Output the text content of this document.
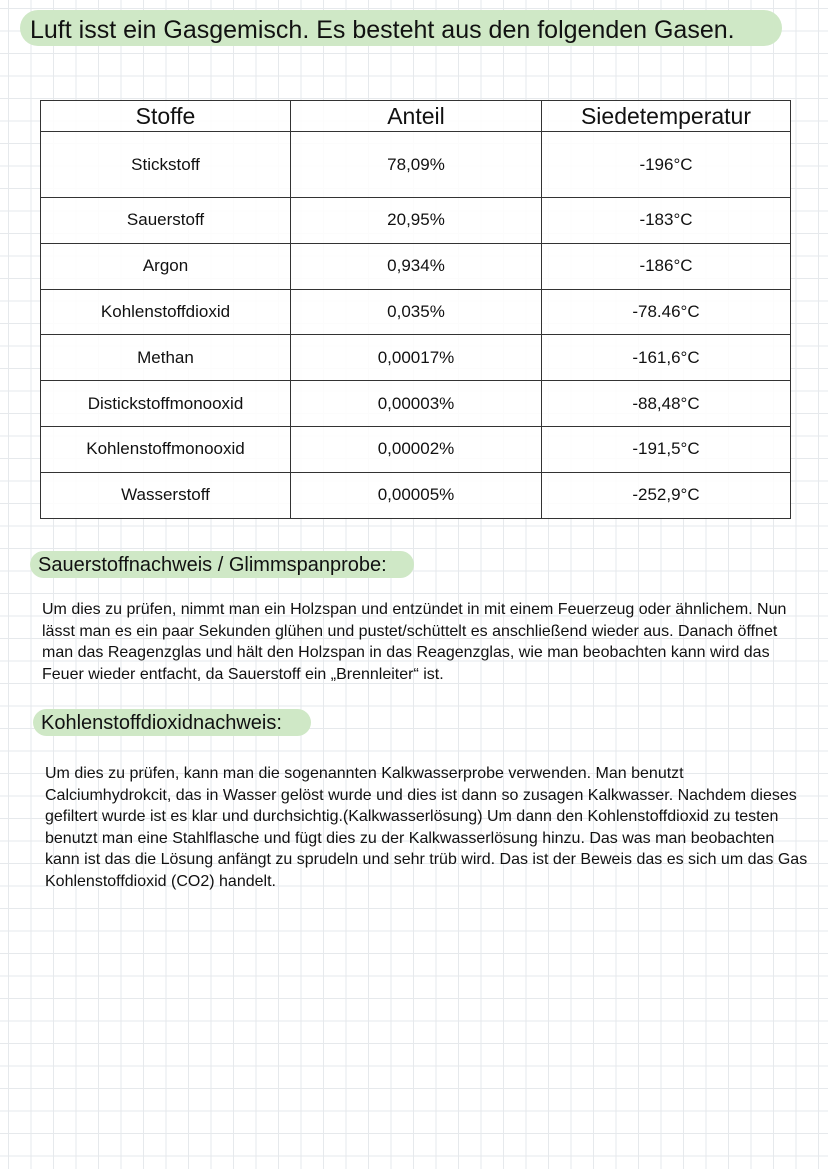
Luft isst ein Gasgemisch. Es besteht aus den folgenden Gasen.
Stoffe	Anteil	Siedetemperatur
Stickstoff	78,09%	-196°C
Sauerstoff	20,95%	-183°C
Argon	0,934%	-186°C
Kohlenstoffdioxid	0,035%	-78.46°C
Methan	0,00017%	-161,6°C
Distickstoffmonooxid	0,00003%	-88,48°C
Kohlenstoffmonooxid	0,00002%	-191,5°C
Wasserstoff	0,00005%	-252,9°C
Sauerstoffnachweis / Glimmspanprobe:

Um dies zu prüfen, nimmt man ein Holzspan und entzündet in mit einem Feuerzeug oder ähnlichem. Nun lässt man es ein paar Sekunden glühen und pustet/schüttelt es anschließend wieder aus. Danach öffnet man das Reagenzglas und hält den Holzspan in das Reagenzglas, wie man beobachten kann wird das Feuer wieder entfacht, da Sauerstoff ein „Brennleiter“ ist.

Kohlenstoffdioxidnachweis:

Um dies zu prüfen, kann man die sogenannten Kalkwasserprobe verwenden. Man benutzt Calciumhydrokcit, das in Wasser gelöst wurde und dies ist dann so zusagen Kalkwasser. Nachdem dieses gefiltert wurde ist es klar und durchsichtig.(Kalkwasserlösung) Um dann den Kohlenstoffdioxid zu testen benutzt man eine Stahlflasche und fügt dies zu der Kalkwasserlösung hinzu. Das was man beobachten kann ist das die Lösung anfängt zu sprudeln und sehr trüb wird. Das ist der Beweis das es sich um das Gas Kohlenstoffdioxid (CO2) handelt.
